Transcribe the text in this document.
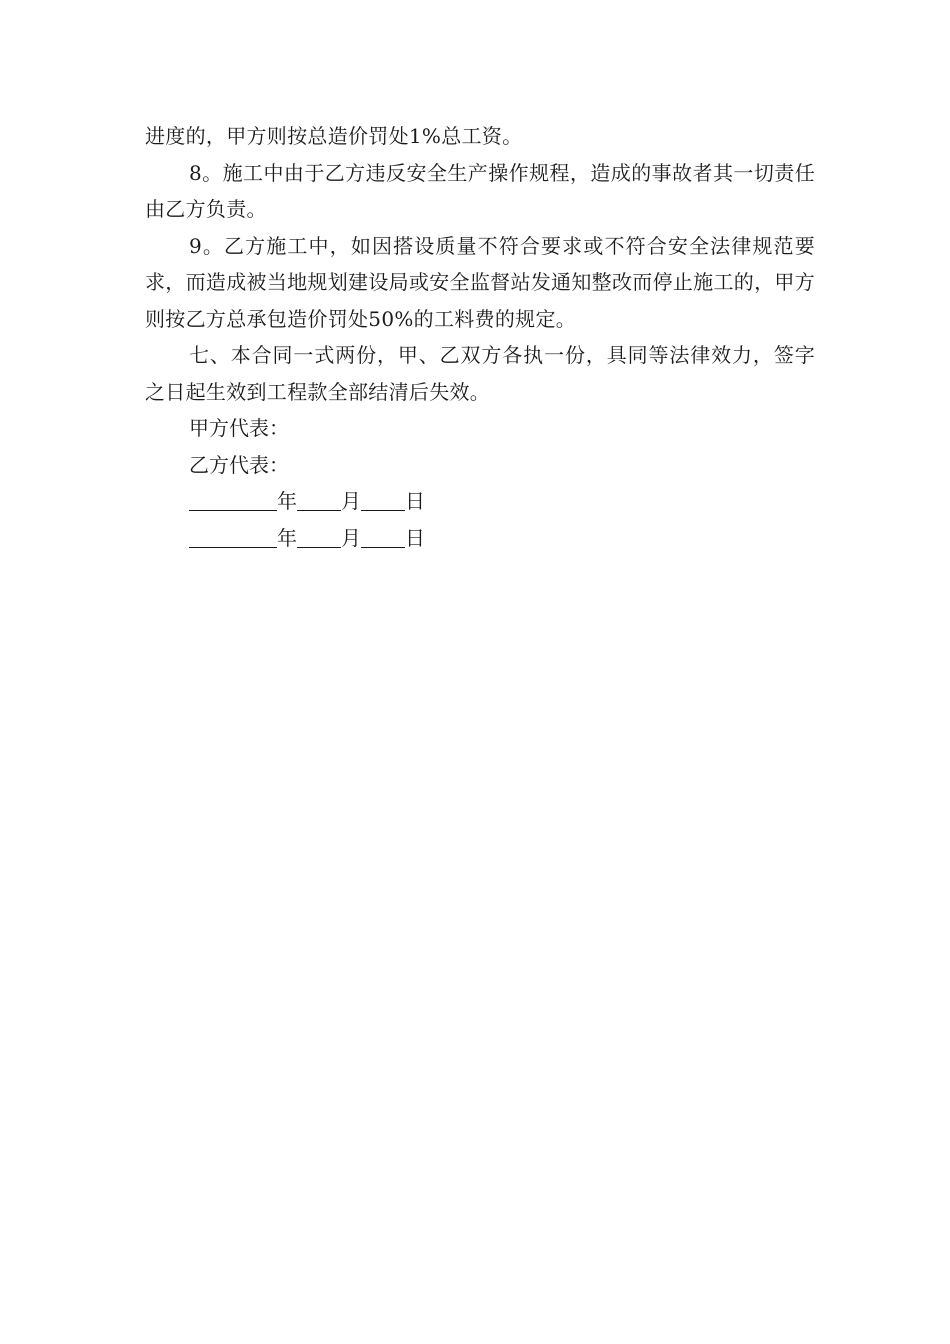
进度的，甲方则按总造价罚处1%总工资。

8。施工中由于乙方违反安全生产操作规程，造成的事故者其一切责任由乙方负责。

9。乙方施工中，如因搭设质量不符合要求或不符合安全法律规范要求，而造成被当地规划建设局或安全监督站发通知整改而停止施工的，甲方则按乙方总承包造价罚处50%的工料费的规定。

七、本合同一式两份，甲、乙双方各执一份，具同等法律效力，签字之日起生效到工程款全部结清后失效。

甲方代表：

乙方代表：

年 月 日

年 月 日
